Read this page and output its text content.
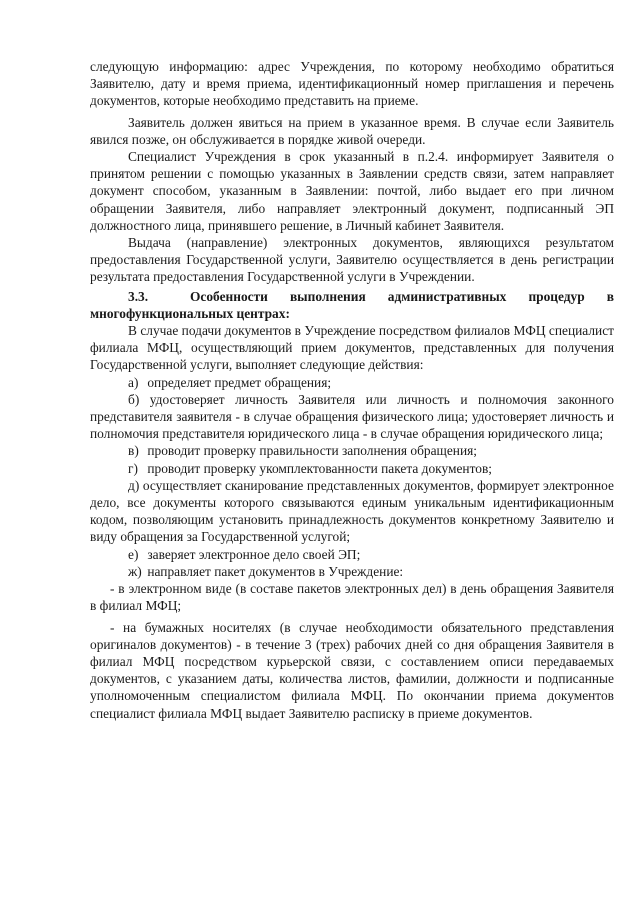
следующую информацию: адрес Учреждения, по которому необходимо обратиться Заявителю, дату и время приема, идентификационный номер приглашения и перечень документов, которые необходимо представить на приеме.

Заявитель должен явиться на прием в указанное время. В случае если Заявитель явился позже, он обслуживается в порядке живой очереди.

Специалист Учреждения в срок указанный в п.2.4. информирует Заявителя о принятом решении с помощью указанных в Заявлении средств связи, затем направляет документ способом, указанным в Заявлении: почтой, либо выдает его при личном обращении Заявителя, либо направляет электронный документ, подписанный ЭП должностного лица, принявшего решение, в Личный кабинет Заявителя.

Выдача (направление) электронных документов, являющихся результатом предоставления Государственной услуги, Заявителю осуществляется в день регистрации результата предоставления Государственной услуги в Учреждении.

3.3.	Особенности выполнения административных процедур в многофункциональных центрах:

В случае подачи документов в Учреждение посредством филиалов МФЦ специалист филиала МФЦ, осуществляющий прием документов, представленных для получения Государственной услуги, выполняет следующие действия:

а) определяет предмет обращения;

б) удостоверяет личность Заявителя или личность и полномочия законного представителя заявителя - в случае обращения физического лица; удостоверяет личность и полномочия представителя юридического лица - в случае обращения юридического лица;

в) проводит проверку правильности заполнения обращения;

г) проводит проверку укомплектованности пакета документов;

д) осуществляет сканирование представленных документов, формирует электронное дело, все документы которого связываются единым уникальным идентификационным кодом, позволяющим установить принадлежность документов конкретному Заявителю и виду обращения за Государственной услугой;

е) заверяет электронное дело своей ЭП;

ж) направляет пакет документов в Учреждение:

- в электронном виде (в составе пакетов электронных дел) в день обращения Заявителя в филиал МФЦ;

- на бумажных носителях (в случае необходимости обязательного представления оригиналов документов) - в течение 3 (трех) рабочих дней со дня обращения Заявителя в филиал МФЦ посредством курьерской связи, с составлением описи передаваемых документов, с указанием даты, количества листов, фамилии, должности и подписанные уполномоченным специалистом филиала МФЦ. По окончании приема документов специалист филиала МФЦ выдает Заявителю расписку в приеме документов.
